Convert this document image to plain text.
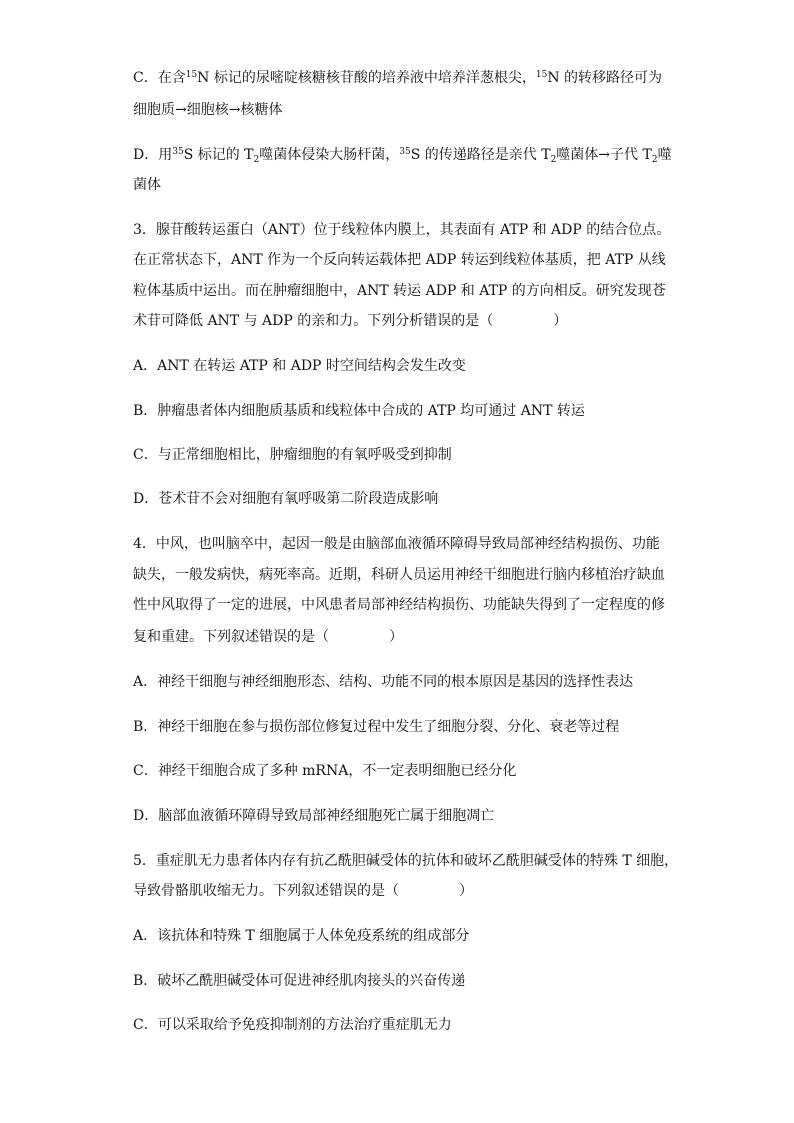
C．在含$^{15}$N 标记的尿嘧啶核糖核苷酸的培养液中培养洋葱根尖，$^{15}$N 的转移路径可为
细胞质→细胞核→核糖体
D．用$^{35}$S 标记的 $T_2$噬菌体侵染大肠杆菌，$^{35}$S 的传递路径是亲代 $T_2$噬菌体→子代 $T_2$噬
菌体
3．腺苷酸转运蛋白（ANT）位于线粒体内膜上，其表面有 ATP 和 ADP 的结合位点。
在正常状态下，ANT 作为一个反向转运载体把 ADP 转运到线粒体基质，把 ATP 从线
粒体基质中运出。而在肿瘤细胞中，ANT 转运 ADP 和 ATP 的方向相反。研究发现苍
术苷可降低 ANT 与 ADP 的亲和力。下列分析错误的是（	）
A．ANT 在转运 ATP 和 ADP 时空间结构会发生改变
B．肿瘤患者体内细胞质基质和线粒体中合成的 ATP 均可通过 ANT 转运
C．与正常细胞相比，肿瘤细胞的有氧呼吸受到抑制
D．苍术苷不会对细胞有氧呼吸第二阶段造成影响
4．中风，也叫脑卒中，起因一般是由脑部血液循环障碍导致局部神经结构损伤、功能
缺失，一般发病快，病死率高。近期，科研人员运用神经干细胞进行脑内移植治疗缺血
性中风取得了一定的进展，中风患者局部神经结构损伤、功能缺失得到了一定程度的修
复和重建。下列叙述错误的是（	）
A．神经干细胞与神经细胞形态、结构、功能不同的根本原因是基因的选择性表达
B．神经干细胞在参与损伤部位修复过程中发生了细胞分裂、分化、衰老等过程
C．神经干细胞合成了多种 mRNA，不一定表明细胞已经分化
D．脑部血液循环障碍导致局部神经细胞死亡属于细胞凋亡
5．重症肌无力患者体内存有抗乙酰胆碱受体的抗体和破坏乙酰胆碱受体的特殊 T 细胞，
导致骨骼肌收缩无力。下列叙述错误的是（	）
A．该抗体和特殊 T 细胞属于人体免疫系统的组成部分
B．破坏乙酰胆碱受体可促进神经肌肉接头的兴奋传递
C．可以采取给予免疫抑制剂的方法治疗重症肌无力
